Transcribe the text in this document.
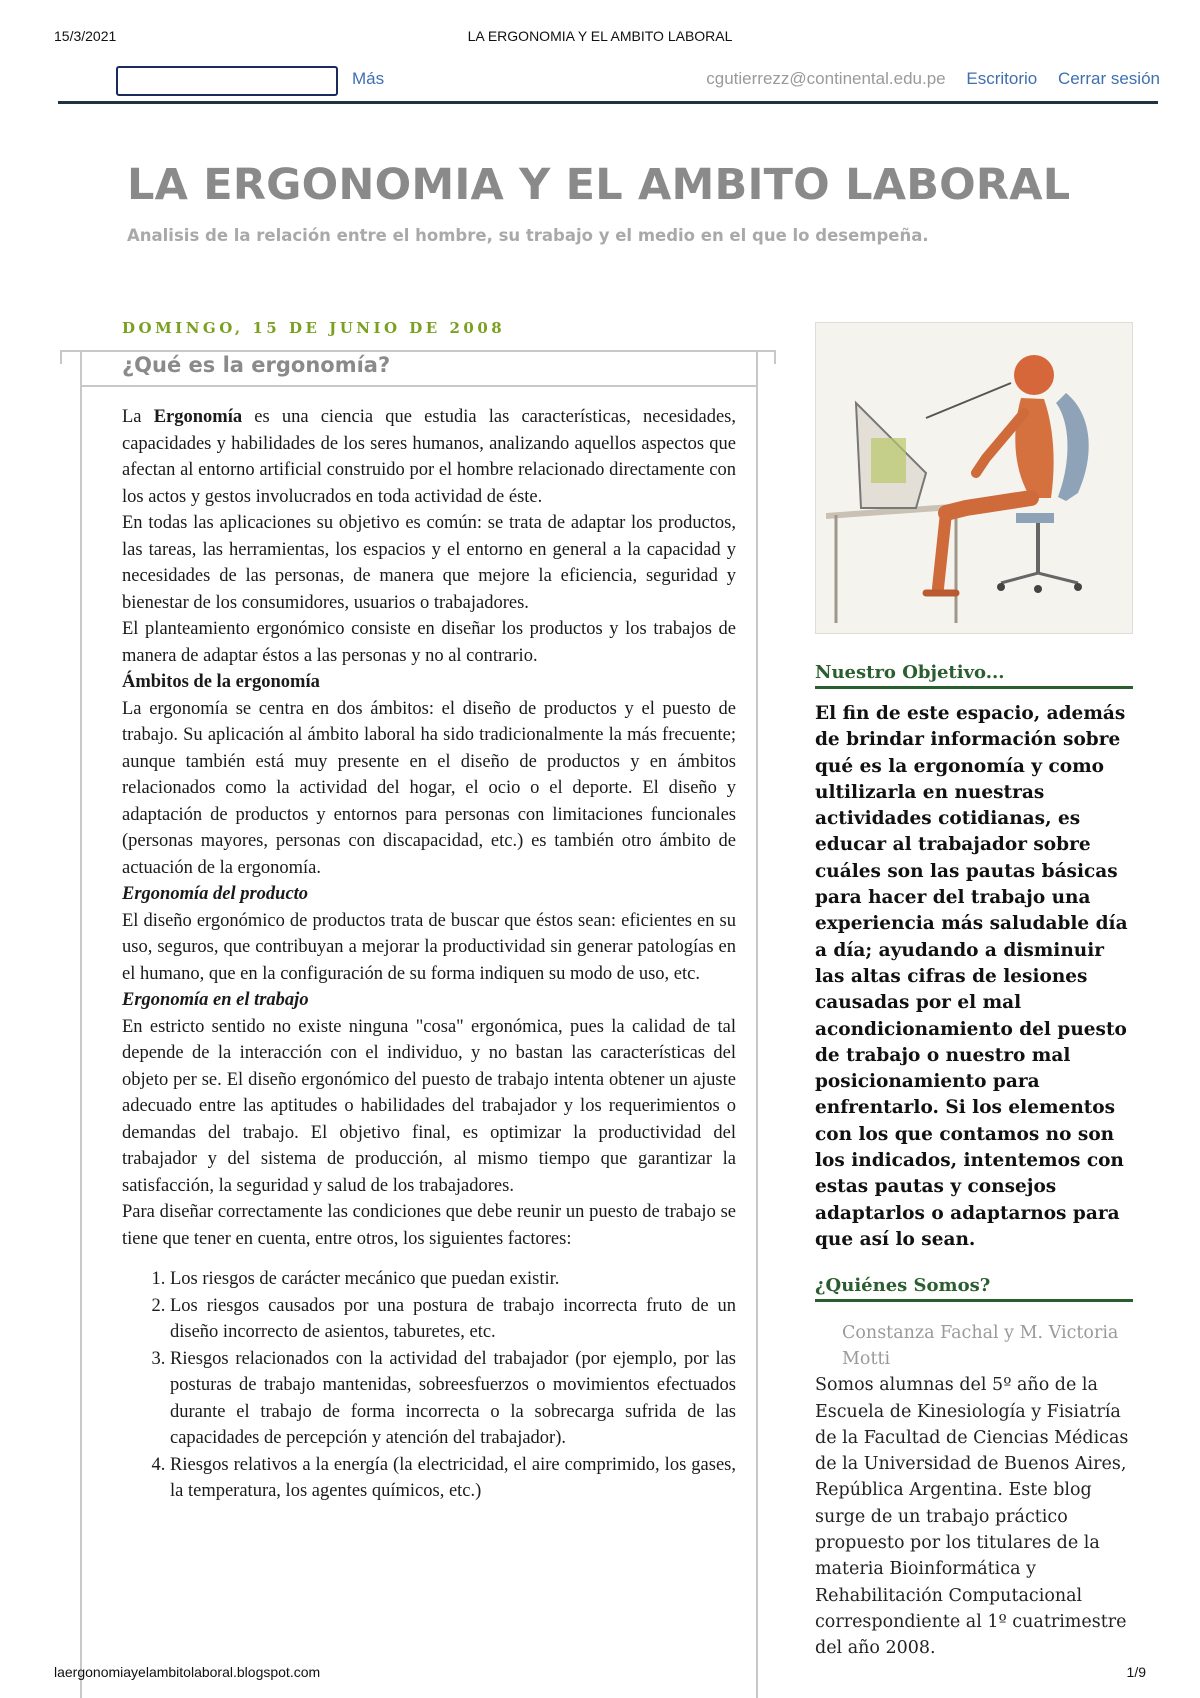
15/3/2021	LA ERGONOMIA Y EL AMBITO LABORAL
Más	cgutierrezz@continental.edu.pe Escritorio Cerrar sesión
LA ERGONOMIA Y EL AMBITO LABORAL
Analisis de la relación entre el hombre, su trabajo y el medio en el que lo desempeña.
DOMINGO, 15 DE JUNIO DE 2008
¿Qué es la ergonomía?

La Ergonomía es una ciencia que estudia las características, necesidades, capacidades y habilidades de los seres humanos, analizando aquellos aspectos que afectan al entorno artificial construido por el hombre relacionado directamente con los actos y gestos involucrados en toda actividad de éste.

En todas las aplicaciones su objetivo es común: se trata de adaptar los productos, las tareas, las herramientas, los espacios y el entorno en general a la capacidad y necesidades de las personas, de manera que mejore la eficiencia, seguridad y bienestar de los consumidores, usuarios o trabajadores.

El planteamiento ergonómico consiste en diseñar los productos y los trabajos de manera de adaptar éstos a las personas y no al contrario.

Ámbitos de la ergonomía

La ergonomía se centra en dos ámbitos: el diseño de productos y el puesto de trabajo. Su aplicación al ámbito laboral ha sido tradicionalmente la más frecuente; aunque también está muy presente en el diseño de productos y en ámbitos relacionados como la actividad del hogar, el ocio o el deporte. El diseño y adaptación de productos y entornos para personas con limitaciones funcionales (personas mayores, personas con discapacidad, etc.) es también otro ámbito de actuación de la ergonomía.

Ergonomía del producto

El diseño ergonómico de productos trata de buscar que éstos sean: eficientes en su uso, seguros, que contribuyan a mejorar la productividad sin generar patologías en el humano, que en la configuración de su forma indiquen su modo de uso, etc.

Ergonomía en el trabajo

En estricto sentido no existe ninguna "cosa" ergonómica, pues la calidad de tal depende de la interacción con el individuo, y no bastan las características del objeto per se. El diseño ergonómico del puesto de trabajo intenta obtener un ajuste adecuado entre las aptitudes o habilidades del trabajador y los requerimientos o demandas del trabajo. El objetivo final, es optimizar la productividad del trabajador y del sistema de producción, al mismo tiempo que garantizar la satisfacción, la seguridad y salud de los trabajadores.

Para diseñar correctamente las condiciones que debe reunir un puesto de trabajo se tiene que tener en cuenta, entre otros, los siguientes factores:

1. Los riesgos de carácter mecánico que puedan existir.
2. Los riesgos causados por una postura de trabajo incorrecta fruto de un diseño incorrecto de asientos, taburetes, etc.
3. Riesgos relacionados con la actividad del trabajador (por ejemplo, por las posturas de trabajo mantenidas, sobreesfuerzos o movimientos efectuados durante el trabajo de forma incorrecta o la sobrecarga sufrida de las capacidades de percepción y atención del trabajador).
4. Riesgos relativos a la energía (la electricidad, el aire comprimido, los gases, la temperatura, los agentes químicos, etc.)
Nuestro Objetivo...
El fin de este espacio, además de brindar información sobre qué es la ergonomía y como ultilizarla en nuestras actividades cotidianas, es educar al trabajador sobre cuáles son las pautas básicas para hacer del trabajo una experiencia más saludable día a día; ayudando a disminuir las altas cifras de lesiones causadas por el mal acondicionamiento del puesto de trabajo o nuestro mal posicionamiento para enfrentarlo. Si los elementos con los que contamos no son los indicados, intentemos con estas pautas y consejos adaptarlos o adaptarnos para que así lo sean.
¿Quiénes Somos?
Constanza Fachal y M. Victoria Motti
Somos alumnas del 5º año de la Escuela de Kinesiología y Fisiatría de la Facultad de Ciencias Médicas de la Universidad de Buenos Aires, República Argentina. Este blog surge de un trabajo práctico propuesto por los titulares de la materia Bioinformática y Rehabilitación Computacional correspondiente al 1º cuatrimestre del año 2008.
laergonomiayelambitolaboral.blogspot.com	1/9
